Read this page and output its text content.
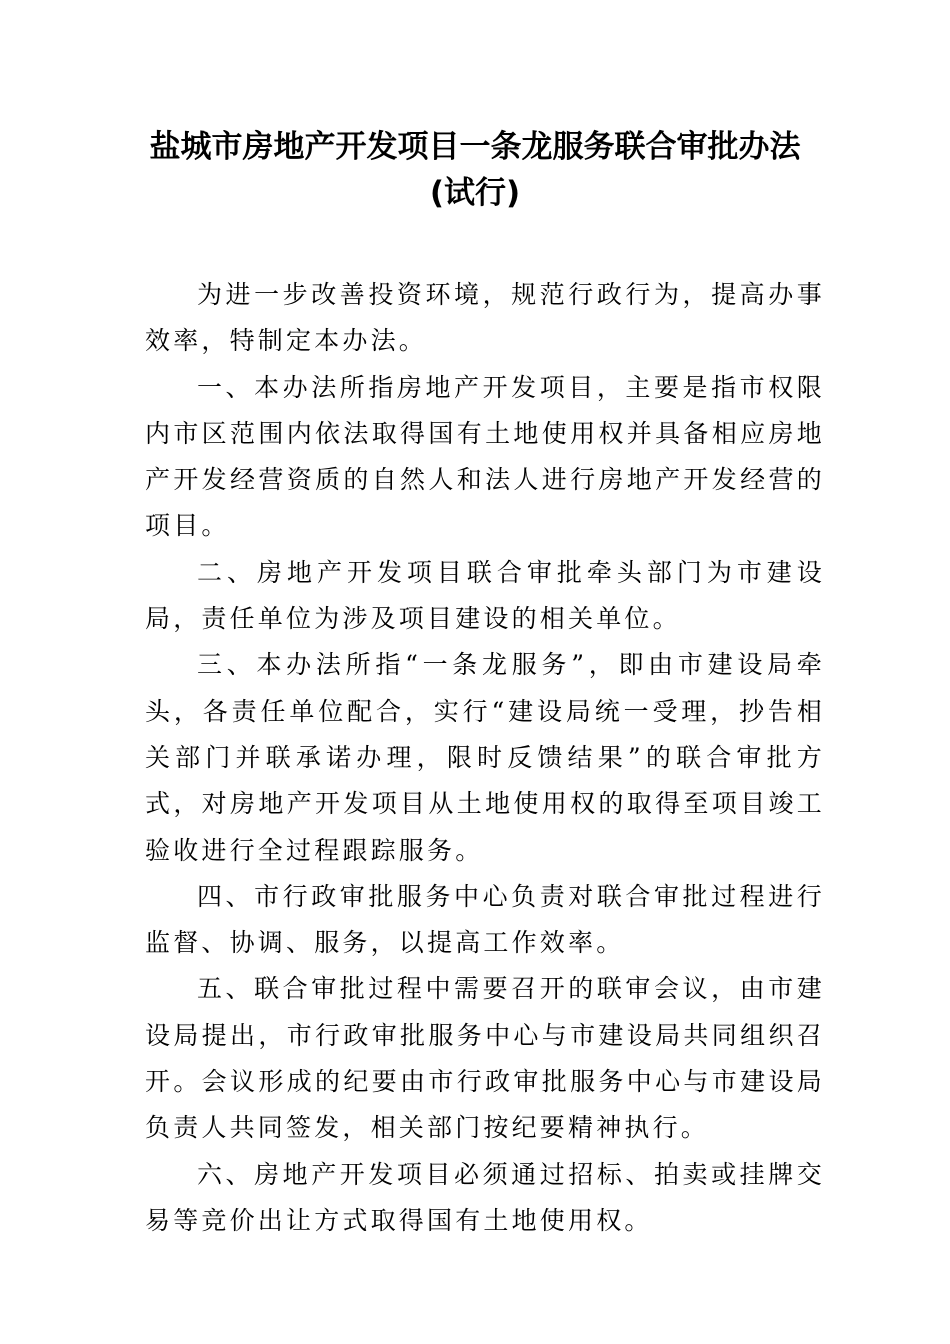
盐城市房地产开发项目一条龙服务联合审批办法(试行)

为进一步改善投资环境，规范行政行为，提高办事效率，特制定本办法。

一、本办法所指房地产开发项目，主要是指市权限内市区范围内依法取得国有土地使用权并具备相应房地产开发经营资质的自然人和法人进行房地产开发经营的项目。

二、房地产开发项目联合审批牵头部门为市建设局，责任单位为涉及项目建设的相关单位。

三、本办法所指“一条龙服务”，即由市建设局牵头，各责任单位配合，实行“建设局统一受理，抄告相关部门并联承诺办理，限时反馈结果”的联合审批方式，对房地产开发项目从土地使用权的取得至项目竣工验收进行全过程跟踪服务。

四、市行政审批服务中心负责对联合审批过程进行监督、协调、服务，以提高工作效率。

五、联合审批过程中需要召开的联审会议，由市建设局提出，市行政审批服务中心与市建设局共同组织召开。会议形成的纪要由市行政审批服务中心与市建设局负责人共同签发，相关部门按纪要精神执行。

六、房地产开发项目必须通过招标、拍卖或挂牌交易等竞价出让方式取得国有土地使用权。
